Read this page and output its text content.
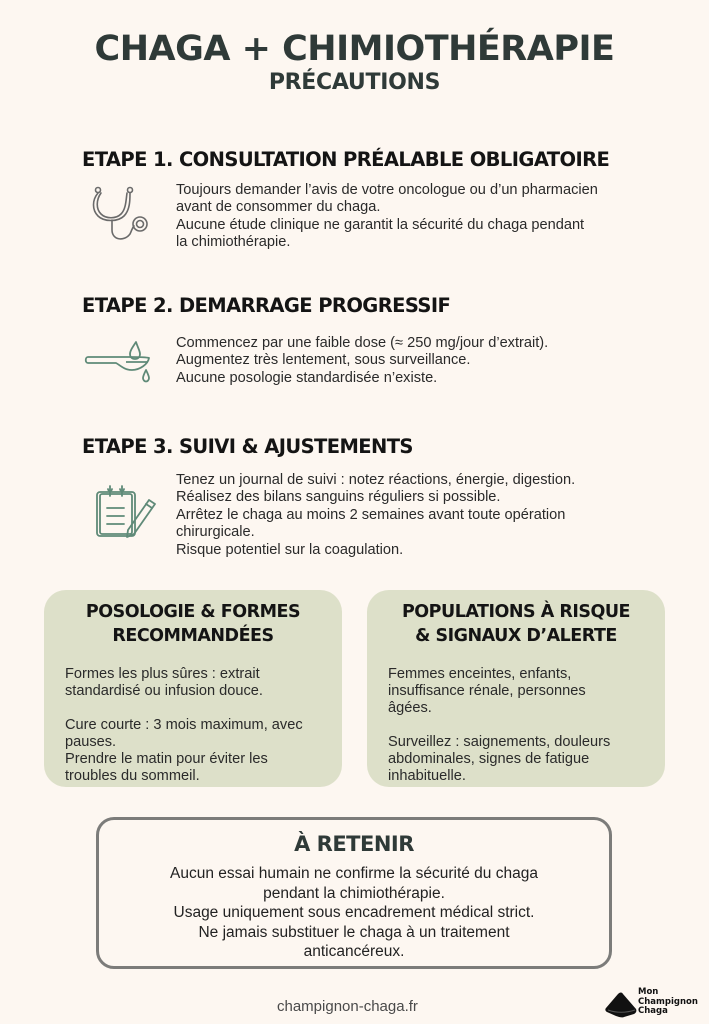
CHAGA + CHIMIOTHÉRAPIE
PRÉCAUTIONS
ETAPE 1. CONSULTATION PRÉALABLE OBLIGATOIRE
Toujours demander l’avis de votre oncologue ou d’un pharmacien
avant de consommer du chaga.
Aucune étude clinique ne garantit la sécurité du chaga pendant
la chimiothérapie.
ETAPE 2. DEMARRAGE PROGRESSIF
Commencez par une faible dose (≈ 250 mg/jour d’extrait).
Augmentez très lentement, sous surveillance.
Aucune posologie standardisée n’existe.
ETAPE 3. SUIVI & AJUSTEMENTS
Tenez un journal de suivi : notez réactions, énergie, digestion.
Réalisez des bilans sanguins réguliers si possible.
Arrêtez le chaga au moins 2 semaines avant toute opération
chirurgicale.
Risque potentiel sur la coagulation.
POSOLOGIE & FORMES
RECOMMANDÉES

Formes les plus sûres : extrait
standardisé ou infusion douce.

Cure courte : 3 mois maximum, avec
pauses.
Prendre le matin pour éviter les
troubles du sommeil.

POPULATIONS À RISQUE
& SIGNAUX D’ALERTE

Femmes enceintes, enfants,
insuffisance rénale, personnes
âgées.

Surveillez : saignements, douleurs
abdominales, signes de fatigue
inhabituelle.

À RETENIR
Aucun essai humain ne confirme la sécurité du chaga
pendant la chimiothérapie.
Usage uniquement sous encadrement médical strict.
Ne jamais substituer le chaga à un traitement
anticancéreux.
champignon-chaga.fr
Mon
Champignon
Chaga
